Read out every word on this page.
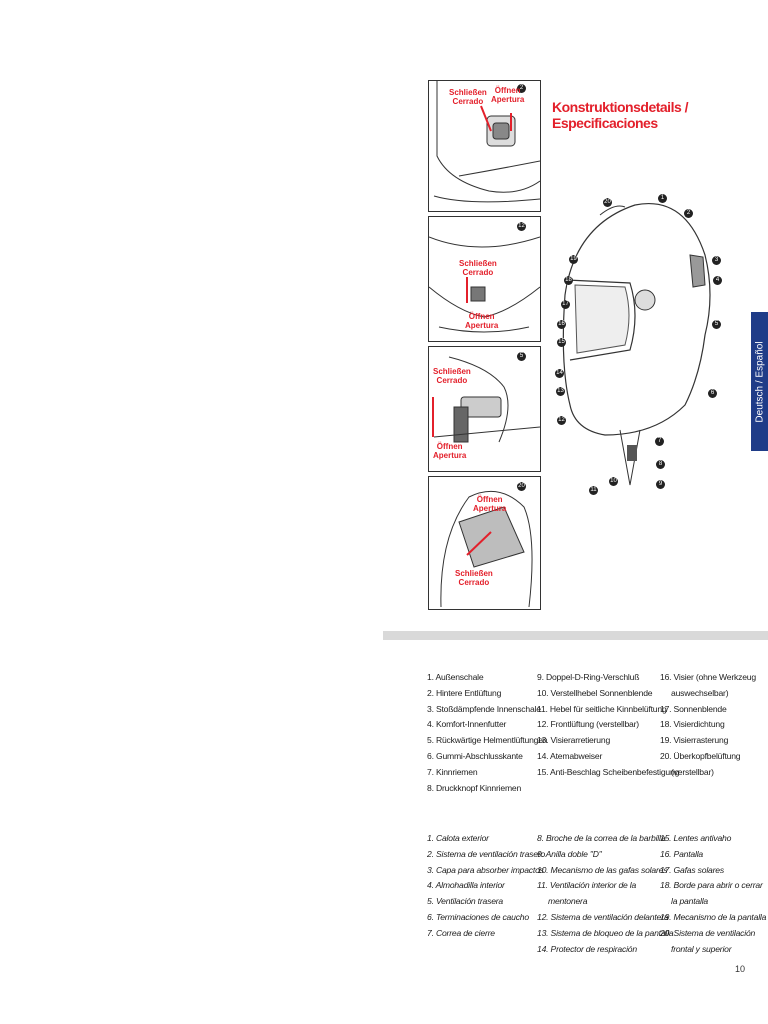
Konstruktionsdetails / Especificaciones
Deutsch / Español
2
Schließen
Cerrado
Öffnen
Apertura
12
Schließen
Cerrado
Öffnen
Apertura
5
Schließen
Cerrado
Öffnen
Apertura
20
Öffnen
Apertura
Schließen
Cerrado
20
1
2
3
4
5
6
7
8
9
10
11
12
13
14
15
16
17
18
19
1. Außenschale
2. Hintere Entlüftung
3. Stoßdämpfende Innenschale
4. Komfort-Innenfutter
5. Rückwärtige Helmentlüftungen
6. Gummi-Abschlusskante
7. Kinnriemen
8. Druckknopf Kinnriemen
9. Doppel-D-Ring-Verschluß
10. Verstellhebel Sonnenblende
11. Hebel für seitliche Kinnbelüftung
12. Frontlüftung (verstellbar)
13. Visierarretierung
14. Atemabweiser
15. Anti-Beschlag Scheibenbefestigung
16. Visier (ohne Werkzeug
auswechselbar)
17. Sonnenblende
18. Visierdichtung
19. Visierrasterung
20. Überkopfbelüftung
(verstellbar)
1. Calota exterior
2. Sistema de ventilación trasero
3. Capa para absorber impactos
4. Almohadilla interior
5. Ventilación trasera
6. Terminaciones de caucho
7. Correa de cierre
8. Broche de la correa de la barbilla
9. Anilla doble "D"
10. Mecanismo de las gafas solares
11. Ventilación interior de la
mentonera
12. Sistema de ventilación delantera
13. Sistema de bloqueo de la pantalla
14. Protector de respiración
15. Lentes antivaho
16. Pantalla
17. Gafas solares
18. Borde para abrir o cerrar
la pantalla
19. Mecanismo de la pantalla
20. Sistema de ventilación
frontal y superior
10
